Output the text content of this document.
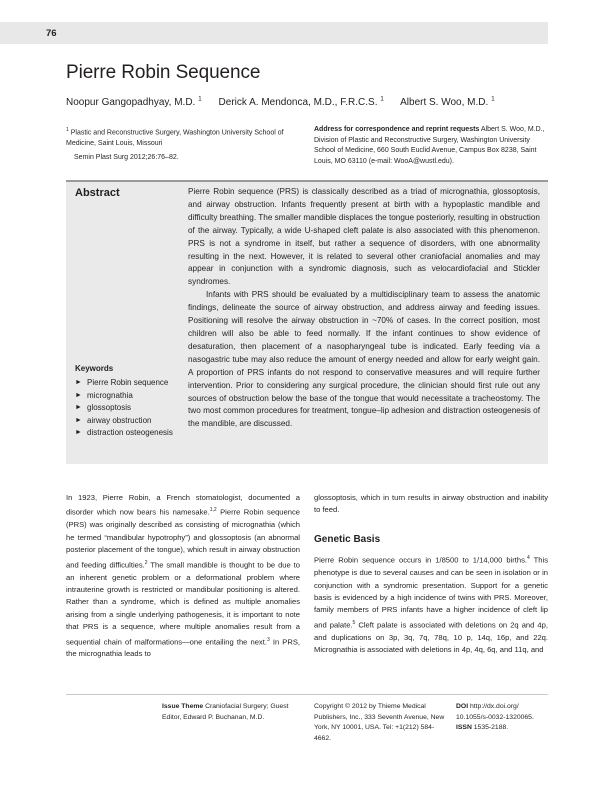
76
Pierre Robin Sequence
Noopur Gangopadhyay, M.D. $^1$ Derick A. Mendonca, M.D., F.R.C.S. $^1$ Albert S. Woo, M.D. $^1$
$^1$ Plastic and Reconstructive Surgery, Washington University School of Medicine, Saint Louis, Missouri
Semin Plast Surg 2012;26:76–82.
Address for correspondence and reprint requests Albert S. Woo, M.D., Division of Plastic and Reconstructive Surgery, Washington University School of Medicine, 660 South Euclid Avenue, Campus Box 8238, Saint Louis, MO 63110 (e-mail: WooA@wustl.edu).
Abstract	Pierre Robin sequence (PRS) is classically described as a triad of micrognathia, glossoptosis, and airway obstruction. Infants frequently present at birth with a hypoplastic mandible and difficulty breathing. The smaller mandible displaces the tongue posteriorly, resulting in obstruction of the airway. Typically, a wide U-shaped cleft palate is also associated with this phenomenon. PRS is not a syndrome in itself, but rather a sequence of disorders, with one abnormality resulting in the next. However, it is related to several other craniofacial anomalies and may appear in conjunction with a syndromic diagnosis, such as velocardiofacial and Stickler syndromes.

Infants with PRS should be evaluated by a multidisciplinary team to assess the anatomic findings, delineate the source of airway obstruction, and address airway and feeding issues. Positioning will resolve the airway obstruction in ~70% of cases. In the correct position, most children will also be able to feed normally. If the infant continues to show evidence of desaturation, then placement of a nasopharyngeal tube is indicated. Early feeding via a nasogastric tube may also reduce the amount of energy needed and allow for early weight gain. A proportion of PRS infants do not respond to conservative measures and will require further intervention. Prior to considering any surgical procedure, the clinician should first rule out any sources of obstruction below the base of the tongue that would necessitate a tracheostomy. The two most common procedures for treatment, tongue–lip adhesion and distraction osteogenesis of the mandible, are discussed.

Keywords
► Pierre Robin sequence
► micrognathia
► glossoptosis
► airway obstruction
► distraction osteogenesis

In 1923, Pierre Robin, a French stomatologist, documented a disorder which now bears his namesake.$^{1,2}$ Pierre Robin sequence (PRS) was originally described as consisting of micrognathia (which he termed “mandibular hypotrophy”) and glossoptosis (an abnormal posterior placement of the tongue), which result in airway obstruction and feeding difficulties.$^2$ The small mandible is thought to be due to an inherent genetic problem or a deformational problem where intrauterine growth is restricted or mandibular positioning is altered. Rather than a syndrome, which is defined as multiple anomalies arising from a single underlying pathogenesis, it is important to note that PRS is a sequence, where multiple anomalies result from a sequential chain of malformations—one entailing the next.$^3$ In PRS, the micrognathia leads to

glossoptosis, which in turn results in airway obstruction and inability to feed.

Genetic Basis

Pierre Robin sequence occurs in 1/8500 to 1/14,000 births.$^4$ This phenotype is due to several causes and can be seen in isolation or in conjunction with a syndromic presentation. Support for a genetic basis is evidenced by a high incidence of twins with PRS. Moreover, family members of PRS infants have a higher incidence of cleft lip and palate.$^5$ Cleft palate is associated with deletions on 2q and 4p, and duplications on 3p, 3q, 7q, 78q, 10 p, 14q, 16p, and 22q. Micrognathia is associated with deletions in 4p, 4q, 6q, and 11q, and

Issue Theme Craniofacial Surgery; Guest Editor, Edward P. Buchanan, M.D.
Copyright © 2012 by Thieme Medical Publishers, Inc., 333 Seventh Avenue, New York, NY 10001, USA. Tel: +1(212) 584-4662.
DOI http://dx.doi.org/ 10.1055/s-0032-1320065.
ISSN 1535-2188.
